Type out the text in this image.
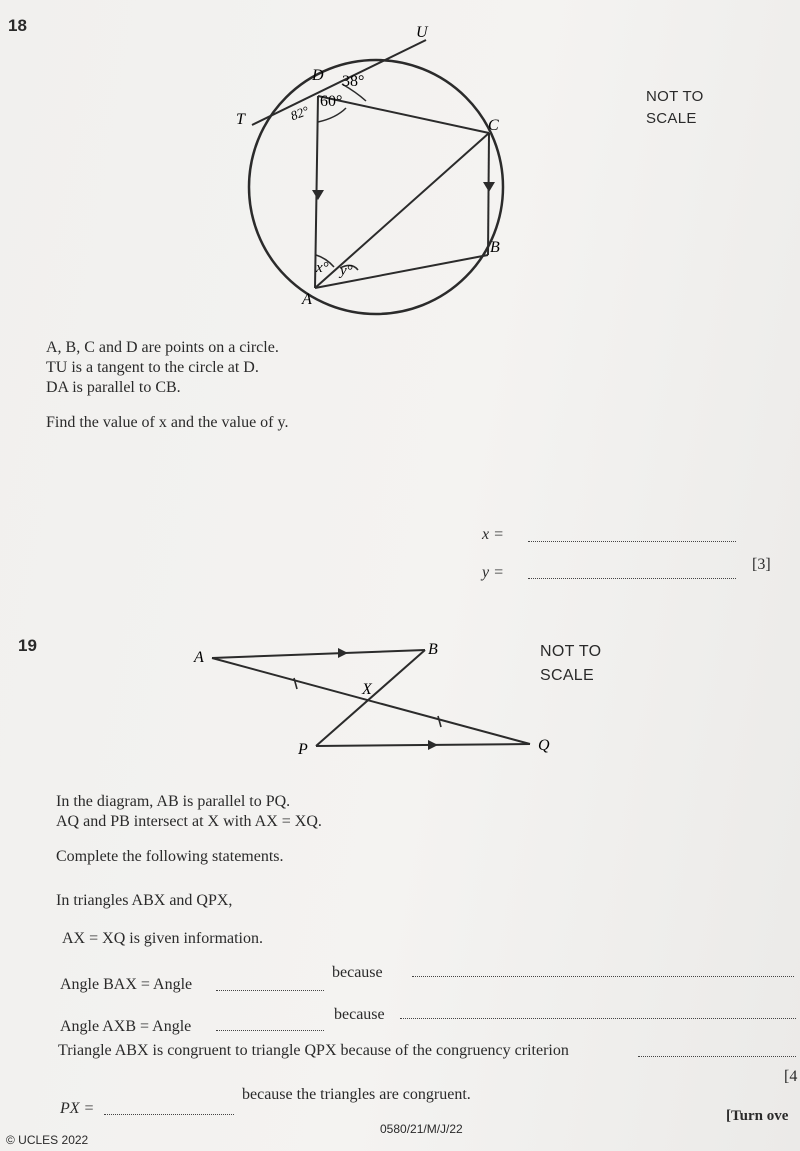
18	U
D
T	C
B
A
38°
60°
82°
x° y°
NOT TO
SCALE
A, B, C and D are points on a circle.
TU is a tangent to the circle at D.
DA is parallel to CB.
Find the value of x and the value of y.
x =
y =	[3]
19
A	B
X
P	Q
NOT TO
SCALE
In the diagram, AB is parallel to PQ.
AQ and PB intersect at X with AX = XQ.
Complete the following statements.
In triangles ABX and QPX,
AX = XQ is given information.
Angle BAX = Angle
because
Angle AXB = Angle
because
Triangle ABX is congruent to triangle QPX because of the congruency criterion
PX =
because the triangles are congruent.
[4
© UCLES 2022
0580/21/M/J/22
[Turn ove
